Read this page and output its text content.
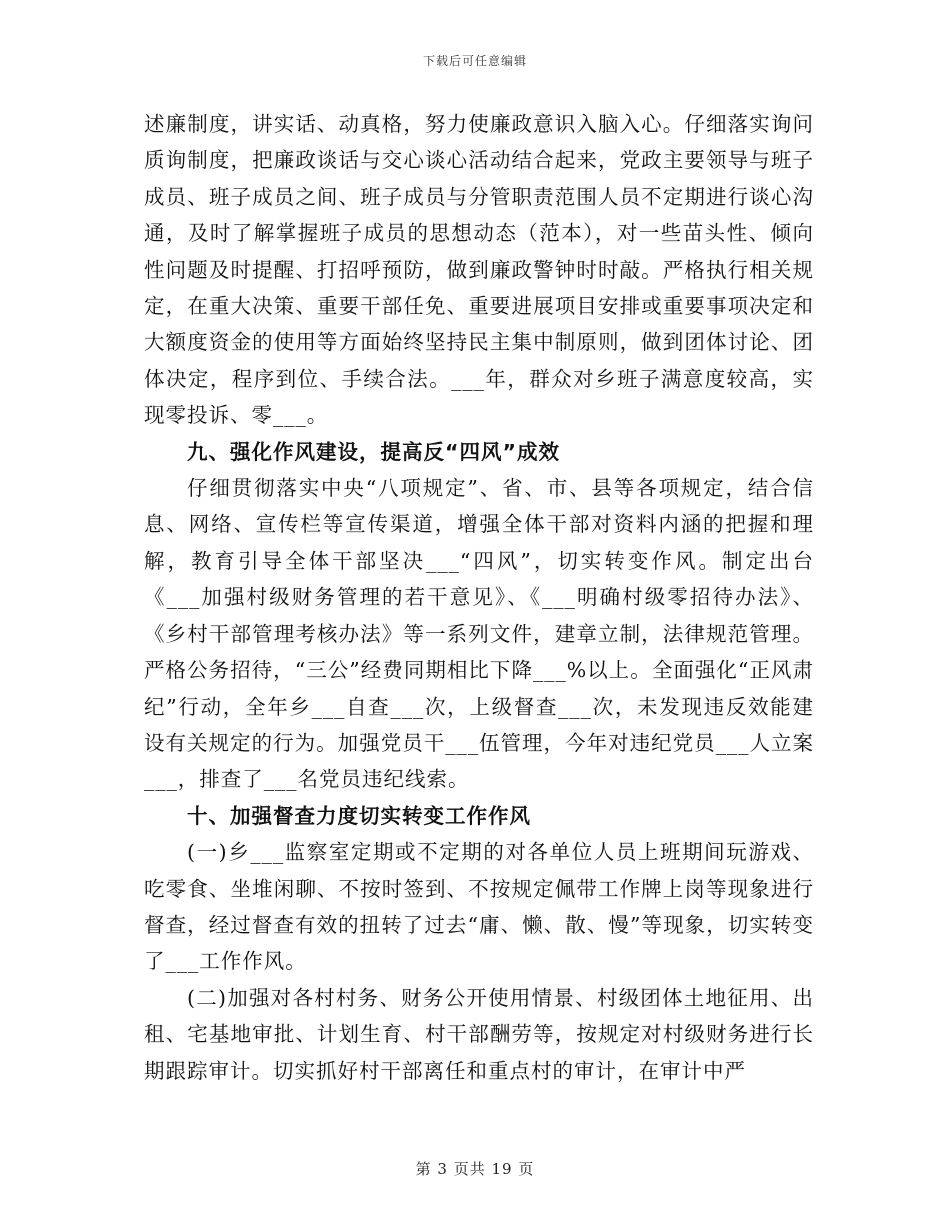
下载后可任意编辑

述廉制度，讲实话、动真格，努力使廉政意识入脑入心。仔细落实询问质询制度，把廉政谈话与交心谈心活动结合起来，党政主要领导与班子成员、班子成员之间、班子成员与分管职责范围人员不定期进行谈心沟通，及时了解掌握班子成员的思想动态（范本），对一些苗头性、倾向性问题及时提醒、打招呼预防，做到廉政警钟时时敲。严格执行相关规定，在重大决策、重要干部任免、重要进展项目安排或重要事项决定和大额度资金的使用等方面始终坚持民主集中制原则，做到团体讨论、团体决定，程序到位、手续合法。___年，群众对乡班子满意度较高，实现零投诉、零___。

九、强化作风建设，提高反“四风”成效

仔细贯彻落实中央“八项规定”、省、市、县等各项规定，结合信息、网络、宣传栏等宣传渠道，增强全体干部对资料内涵的把握和理解，教育引导全体干部坚决___“四风”，切实转变作风。制定出台《___加强村级财务管理的若干意见》、《___明确村级零招待办法》、《乡村干部管理考核办法》等一系列文件，建章立制，法律规范管理。严格公务招待，“三公”经费同期相比下降___%以上。全面强化“正风肃纪”行动，全年乡___自查___次，上级督查___次，未发现违反效能建设有关规定的行为。加强党员干___伍管理，今年对违纪党员___人立案___，排查了___名党员违纪线索。

十、加强督查力度切实转变工作作风

(一)乡___监察室定期或不定期的对各单位人员上班期间玩游戏、吃零食、坐堆闲聊、不按时签到、不按规定佩带工作牌上岗等现象进行督查，经过督查有效的扭转了过去“庸、懒、散、慢”等现象，切实转变了___工作作风。

(二)加强对各村村务、财务公开使用情景、村级团体土地征用、出租、宅基地审批、计划生育、村干部酬劳等，按规定对村级财务进行长期跟踪审计。切实抓好村干部离任和重点村的审计，在审计中严

第 3 页共 19 页
